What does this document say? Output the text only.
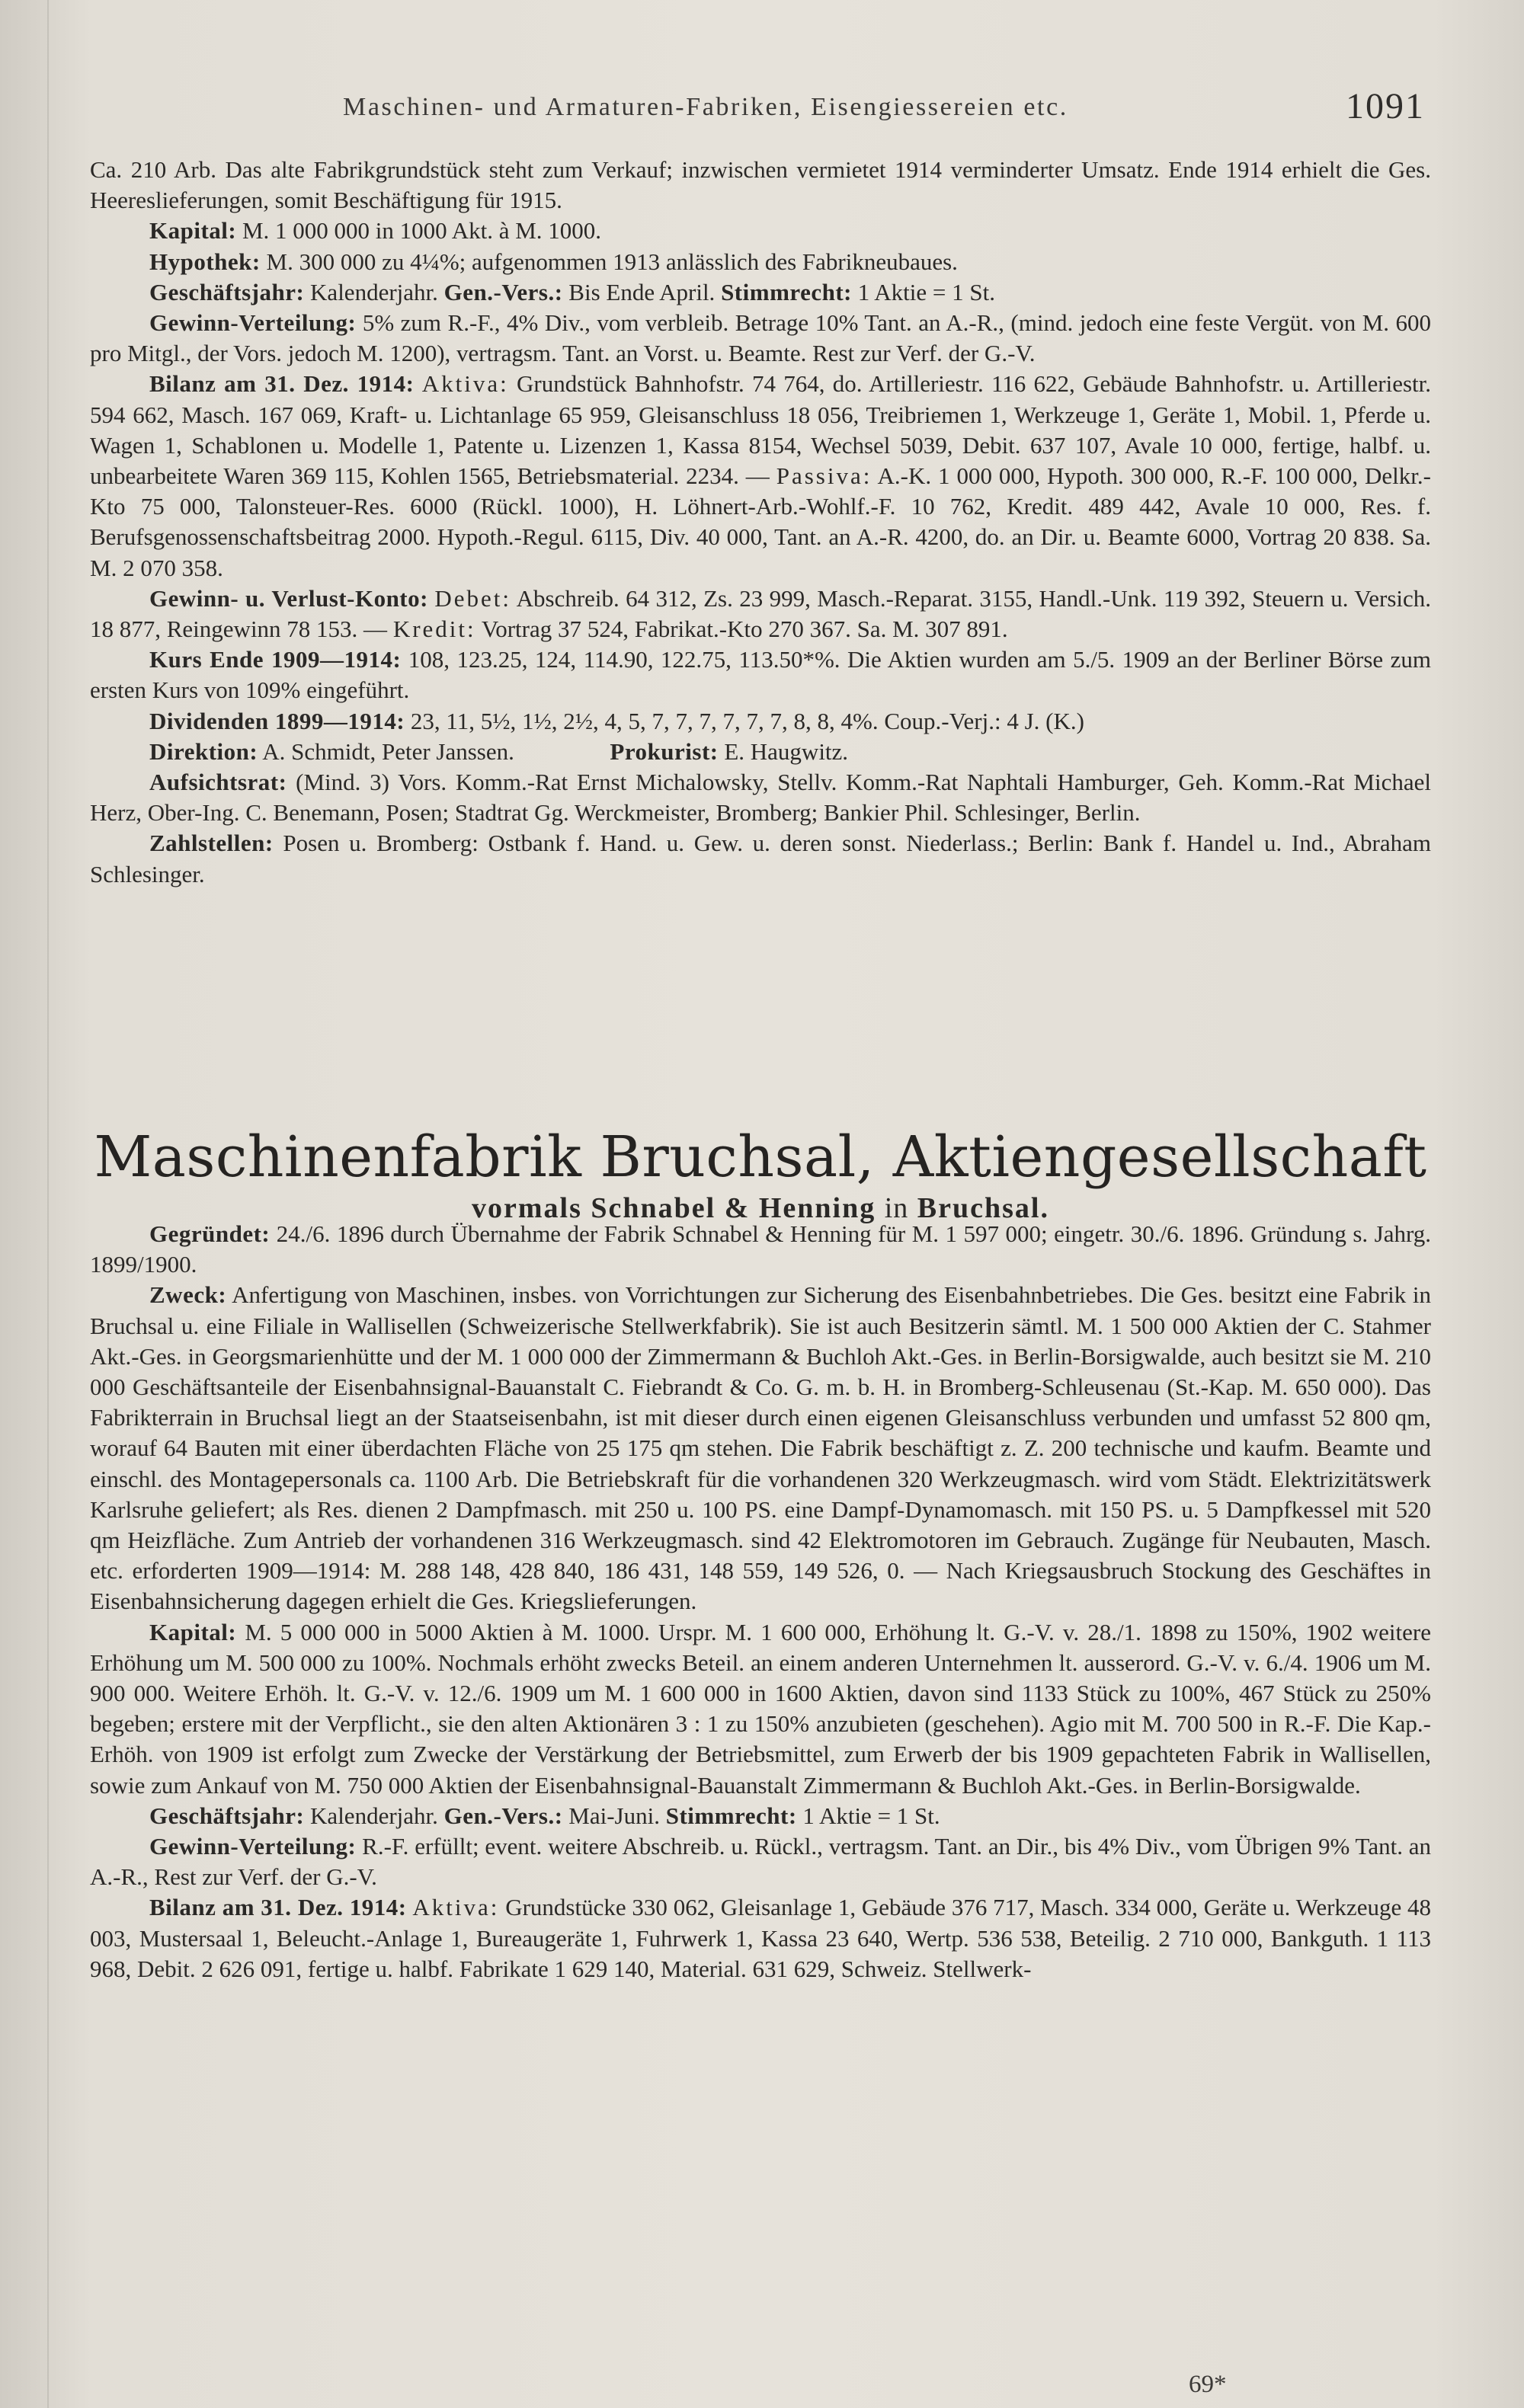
Maschinen- und Armaturen-Fabriken, Eisengiessereien etc.	1091

Ca. 210 Arb. Das alte Fabrikgrundstück steht zum Verkauf; inzwischen vermietet 1914 verminderter Umsatz. Ende 1914 erhielt die Ges. Heereslieferungen, somit Beschäftigung für 1915.

Kapital: M. 1 000 000 in 1000 Akt. à M. 1000.

Hypothek: M. 300 000 zu 4¼%; aufgenommen 1913 anlässlich des Fabrikneubaues.

Geschäftsjahr: Kalenderjahr. Gen.-Vers.: Bis Ende April. Stimmrecht: 1 Aktie = 1 St.

Gewinn-Verteilung: 5% zum R.-F., 4% Div., vom verbleib. Betrage 10% Tant. an A.-R., (mind. jedoch eine feste Vergüt. von M. 600 pro Mitgl., der Vors. jedoch M. 1200), vertragsm. Tant. an Vorst. u. Beamte. Rest zur Verf. der G.-V.

Bilanz am 31. Dez. 1914: Aktiva: Grundstück Bahnhofstr. 74 764, do. Artilleriestr. 116 622, Gebäude Bahnhofstr. u. Artilleriestr. 594 662, Masch. 167 069, Kraft- u. Lichtanlage 65 959, Gleisanschluss 18 056, Treibriemen 1, Werkzeuge 1, Geräte 1, Mobil. 1, Pferde u. Wagen 1, Schablonen u. Modelle 1, Patente u. Lizenzen 1, Kassa 8154, Wechsel 5039, Debit. 637 107, Avale 10 000, fertige, halbf. u. unbearbeitete Waren 369 115, Kohlen 1565, Betriebsmaterial. 2234. — Passiva: A.-K. 1 000 000, Hypoth. 300 000, R.-F. 100 000, Delkr.-Kto 75 000, Talonsteuer-Res. 6000 (Rückl. 1000), H. Löhnert-Arb.-Wohlf.-F. 10 762, Kredit. 489 442, Avale 10 000, Res. f. Berufsgenossenschaftsbeitrag 2000. Hypoth.-Regul. 6115, Div. 40 000, Tant. an A.-R. 4200, do. an Dir. u. Beamte 6000, Vortrag 20 838. Sa. M. 2 070 358.

Gewinn- u. Verlust-Konto: Debet: Abschreib. 64 312, Zs. 23 999, Masch.-Reparat. 3155, Handl.-Unk. 119 392, Steuern u. Versich. 18 877, Reingewinn 78 153. — Kredit: Vortrag 37 524, Fabrikat.-Kto 270 367. Sa. M. 307 891.

Kurs Ende 1909—1914: 108, 123.25, 124, 114.90, 122.75, 113.50*%. Die Aktien wurden am 5./5. 1909 an der Berliner Börse zum ersten Kurs von 109% eingeführt.

Dividenden 1899—1914: 23, 11, 5½, 1½, 2½, 4, 5, 7, 7, 7, 7, 7, 7, 8, 8, 4%. Coup.-Verj.: 4 J. (K.)

Direktion: A. Schmidt, Peter Janssen.	Prokurist: E. Haugwitz.

Aufsichtsrat: (Mind. 3) Vors. Komm.-Rat Ernst Michalowsky, Stellv. Komm.-Rat Naphtali Hamburger, Geh. Komm.-Rat Michael Herz, Ober-Ing. C. Benemann, Posen; Stadtrat Gg. Werckmeister, Bromberg; Bankier Phil. Schlesinger, Berlin.

Zahlstellen: Posen u. Bromberg: Ostbank f. Hand. u. Gew. u. deren sonst. Niederlass.; Berlin: Bank f. Handel u. Ind., Abraham Schlesinger.

Maschinenfabrik Bruchsal, Aktiengesellschaft
vormals Schnabel & Henning in Bruchsal.

Gegründet: 24./6. 1896 durch Übernahme der Fabrik Schnabel & Henning für M. 1 597 000; eingetr. 30./6. 1896. Gründung s. Jahrg. 1899/1900.

Zweck: Anfertigung von Maschinen, insbes. von Vorrichtungen zur Sicherung des Eisenbahnbetriebes. Die Ges. besitzt eine Fabrik in Bruchsal u. eine Filiale in Wallisellen (Schweizerische Stellwerkfabrik). Sie ist auch Besitzerin sämtl. M. 1 500 000 Aktien der C. Stahmer Akt.-Ges. in Georgsmarienhütte und der M. 1 000 000 der Zimmermann & Buchloh Akt.-Ges. in Berlin-Borsigwalde, auch besitzt sie M. 210 000 Geschäftsanteile der Eisenbahnsignal-Bauanstalt C. Fiebrandt & Co. G. m. b. H. in Bromberg-Schleusenau (St.-Kap. M. 650 000). Das Fabrikterrain in Bruchsal liegt an der Staatseisenbahn, ist mit dieser durch einen eigenen Gleisanschluss verbunden und umfasst 52 800 qm, worauf 64 Bauten mit einer überdachten Fläche von 25 175 qm stehen. Die Fabrik beschäftigt z. Z. 200 technische und kaufm. Beamte und einschl. des Montagepersonals ca. 1100 Arb. Die Betriebskraft für die vorhandenen 320 Werkzeugmasch. wird vom Städt. Elektrizitätswerk Karlsruhe geliefert; als Res. dienen 2 Dampfmasch. mit 250 u. 100 PS. eine Dampf-Dynamomasch. mit 150 PS. u. 5 Dampfkessel mit 520 qm Heizfläche. Zum Antrieb der vorhandenen 316 Werkzeugmasch. sind 42 Elektromotoren im Gebrauch. Zugänge für Neubauten, Masch. etc. erforderten 1909—1914: M. 288 148, 428 840, 186 431, 148 559, 149 526, 0. — Nach Kriegsausbruch Stockung des Geschäftes in Eisenbahnsicherung dagegen erhielt die Ges. Kriegslieferungen.

Kapital: M. 5 000 000 in 5000 Aktien à M. 1000. Urspr. M. 1 600 000, Erhöhung lt. G.-V. v. 28./1. 1898 zu 150%, 1902 weitere Erhöhung um M. 500 000 zu 100%. Nochmals erhöht zwecks Beteil. an einem anderen Unternehmen lt. ausserord. G.-V. v. 6./4. 1906 um M. 900 000. Weitere Erhöh. lt. G.-V. v. 12./6. 1909 um M. 1 600 000 in 1600 Aktien, davon sind 1133 Stück zu 100%, 467 Stück zu 250% begeben; erstere mit der Verpflicht., sie den alten Aktionären 3 : 1 zu 150% anzubieten (geschehen). Agio mit M. 700 500 in R.-F. Die Kap.-Erhöh. von 1909 ist erfolgt zum Zwecke der Verstärkung der Betriebsmittel, zum Erwerb der bis 1909 gepachteten Fabrik in Wallisellen, sowie zum Ankauf von M. 750 000 Aktien der Eisenbahnsignal-Bauanstalt Zimmermann & Buchloh Akt.-Ges. in Berlin-Borsigwalde.

Geschäftsjahr: Kalenderjahr. Gen.-Vers.: Mai-Juni. Stimmrecht: 1 Aktie = 1 St.

Gewinn-Verteilung: R.-F. erfüllt; event. weitere Abschreib. u. Rückl., vertragsm. Tant. an Dir., bis 4% Div., vom Übrigen 9% Tant. an A.-R., Rest zur Verf. der G.-V.

Bilanz am 31. Dez. 1914: Aktiva: Grundstücke 330 062, Gleisanlage 1, Gebäude 376 717, Masch. 334 000, Geräte u. Werkzeuge 48 003, Mustersaal 1, Beleucht.-Anlage 1, Bureaugeräte 1, Fuhrwerk 1, Kassa 23 640, Wertp. 536 538, Beteilig. 2 710 000, Bankguth. 1 113 968, Debit. 2 626 091, fertige u. halbf. Fabrikate 1 629 140, Material. 631 629, Schweiz. Stellwerk-

69*
